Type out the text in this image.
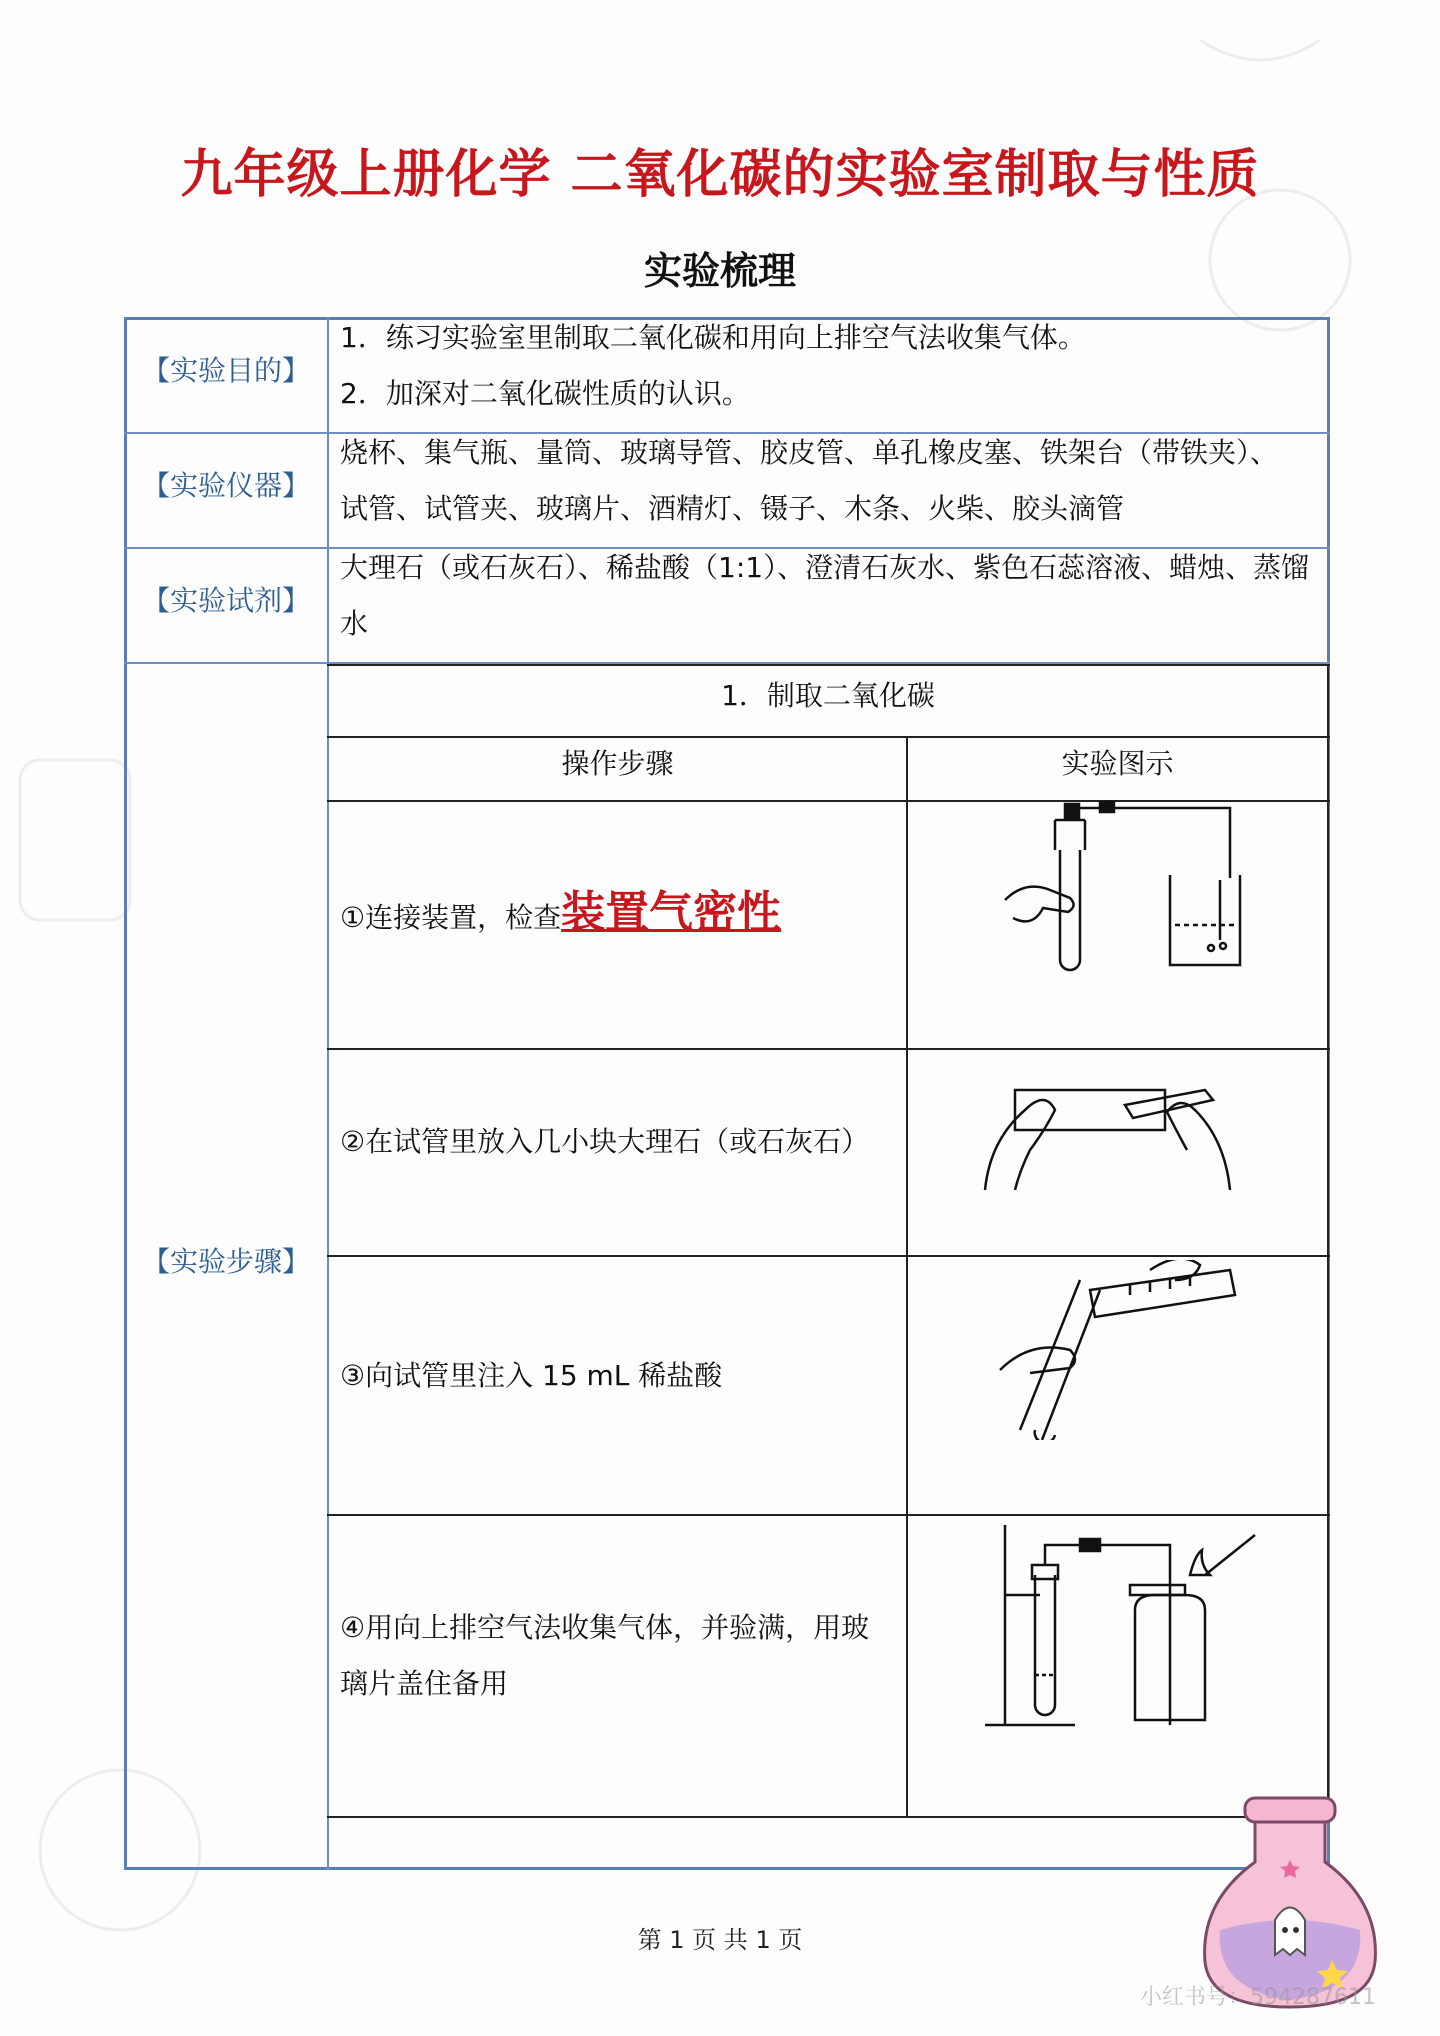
九年级上册化学 二氧化碳的实验室制取与性质
实验梳理
【实验目的】
1．练习实验室里制取二氧化碳和用向上排空气法收集气体。
2．加深对二氧化碳性质的认识。
【实验仪器】
烧杯、集气瓶、量筒、玻璃导管、胶皮管、单孔橡皮塞、铁架台（带铁夹）、
试管、试管夹、玻璃片、酒精灯、镊子、木条、火柴、胶头滴管
【实验试剂】
大理石（或石灰石）、稀盐酸（1:1）、澄清石灰水、紫色石蕊溶液、蜡烛、蒸馏
水
【实验步骤】
1．制取二氧化碳
操作步骤	实验图示
①连接装置，检查装置气密性
②在试管里放入几小块大理石（或石灰石）
③向试管里注入 15 mL 稀盐酸
④用向上排空气法收集气体，并验满，用玻
璃片盖住备用
第 1 页 共 1 页
小红书号：594287611
